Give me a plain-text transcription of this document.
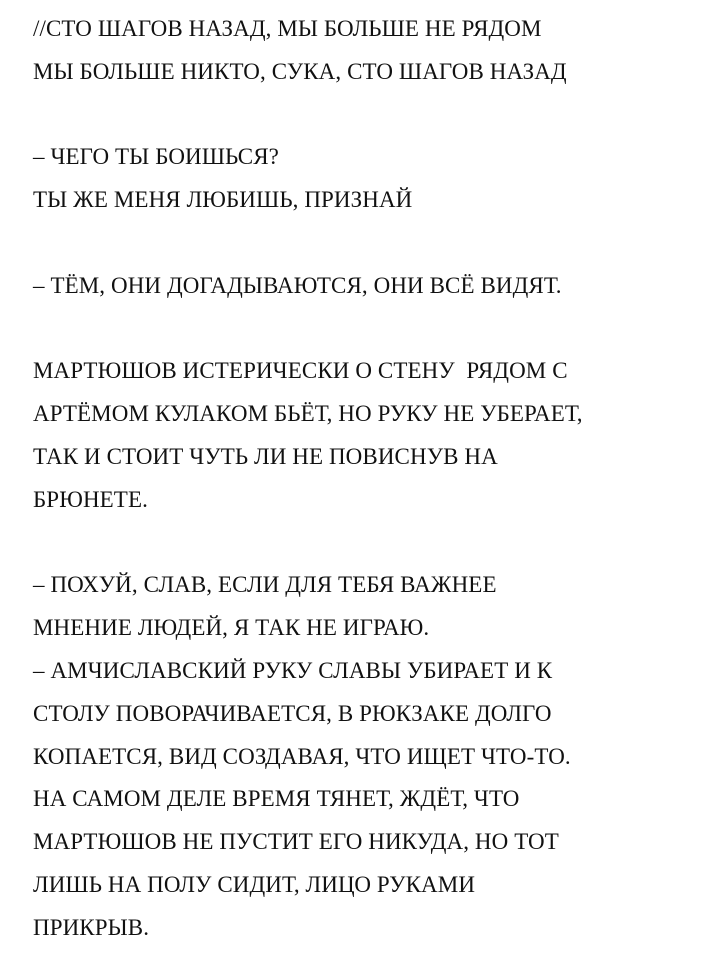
//СТО ШАГОВ НАЗАД, МЫ БОЛЬШЕ НЕ РЯДОМ
МЫ БОЛЬШЕ НИКТО, СУКА, СТО ШАГОВ НАЗАД
– ЧЕГО ТЫ БОИШЬСЯ?
ТЫ ЖЕ МЕНЯ ЛЮБИШЬ, ПРИЗНАЙ
– ТЁМ, ОНИ ДОГАДЫВАЮТСЯ, ОНИ ВСЁ ВИДЯТ.
МАРТЮШОВ ИСТЕРИЧЕСКИ О СТЕНУ  РЯДОМ С
АРТЁМОМ КУЛАКОМ БЬЁТ, НО РУКУ НЕ УБЕРАЕТ,
ТАК И СТОИТ ЧУТЬ ЛИ НЕ ПОВИСНУВ НА
БРЮНЕТЕ.
– ПОХУЙ, СЛАВ, ЕСЛИ ДЛЯ ТЕБЯ ВАЖНЕЕ
МНЕНИЕ ЛЮДЕЙ, Я ТАК НЕ ИГРАЮ.
– АМЧИСЛАВСКИЙ РУКУ СЛАВЫ УБИРАЕТ И К
СТОЛУ ПОВОРАЧИВАЕТСЯ, В РЮКЗАКЕ ДОЛГО
КОПАЕТСЯ, ВИД СОЗДАВАЯ, ЧТО ИЩЕТ ЧТО-ТО.
НА САМОМ ДЕЛЕ ВРЕМЯ ТЯНЕТ, ЖДЁТ, ЧТО
МАРТЮШОВ НЕ ПУСТИТ ЕГО НИКУДА, НО ТОТ
ЛИШЬ НА ПОЛУ СИДИТ, ЛИЦО РУКАМИ
ПРИКРЫВ.
